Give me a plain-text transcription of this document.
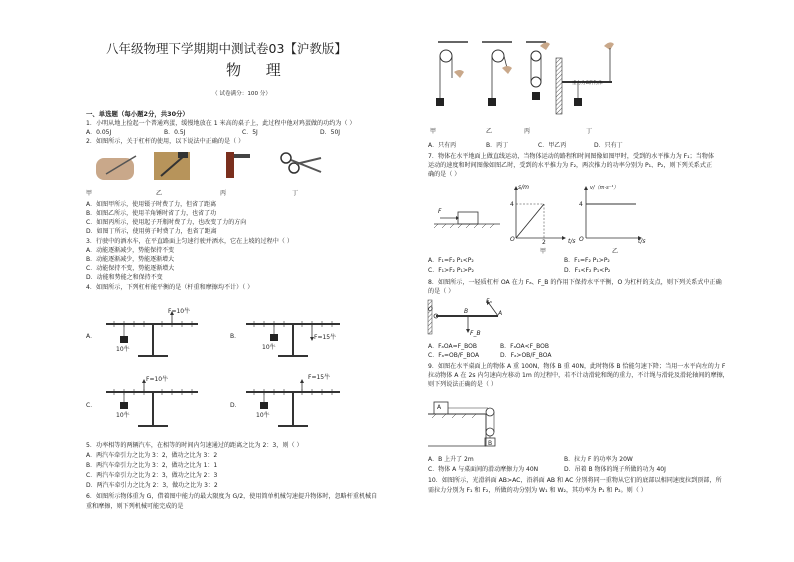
八年级物理下学期期中测试卷03【沪教版】
物 理
（ 试卷满分：100 分）
一、单选题（每小题2分，共30分）
1．小明从地上捡起一个普通鸡蛋，缓慢地放在 1 米高的桌子上，此过程中他对鸡蛋做的功约为（ ）
A．0.05J	B．0.5J	C．5J	D．50J
2．如图所示，关于杠杆的使用，以下说法中正确的是（ ）
甲	乙	丙	丁
A．如图甲所示，使用镊子时费了力，但省了距离
B．如图乙所示，使用羊角锤时省了力，也省了功
C．如图丙所示，使用起子开瓶时费了力，也改变了力的方向
D．如图丁所示，使用剪子时费了力，也省了距离
3．行驶中的酒水车，在平直路面上匀速行驶并洒水，它在上坡的过程中（ ）
A．动能逐渐减少，势能保持不变
B．动能逐渐减少，势能逐渐增大
C．动能保持不变，势能逐渐增大
D．动能和势能之和保持不变
4．如图所示，下列杠杆能平衡的是（杆重和摩擦均不计）（ ）
A．
F=10牛
10牛
B．	F=15牛
10牛
C．
F=10牛
10牛
D．
F=15牛
10牛
5．功率相等的两辆汽车，在相等的时间内匀速通过的距离之比为 2：3，则（ ）
A．两汽车牵引力之比为 3：2，做功之比为 3：2
B．两汽车牵引力之比为 3：2，做功之比为 1：1
C．两汽车牵引力之比为 2：3，做功之比为 2：3
D．两汽车牵引力之比为 2：3，做功之比为 3：2
6．如图所示物体重为 G，借着图中能力的最大限度为 G/2，使用简单机械匀速提升物体时，忽略杆重机械自
重和摩擦，则下列机械可能完成的是
重力为G的物体
甲	乙	丙	丁
A．只有丙	B．丙丁	C．甲乙丙	D．只有丁
7．物体在水平地面上做直线运动，当物体运动的路程和时间图像如图甲时，受到的水平推力为 F₁；当物体
运动的速度和时间图像如图乙时，受到的水平推力为 F₂，两次推力的功率分别为 P₁、P₂，则下列关系式正
确的是（ ）
F
s/m
t/s
4
2
O
甲
v/（m·s⁻¹）
t/s
4
O
乙
A．F₁=F₂ P₁<P₂	B．F₁=F₂ P₁>P₂
C．F₁>F₂ P₁>P₂	D．F₁<F₂ P₁<P₂
8．如图所示，一轻质杠杆 OA 在力 Fₐ、F_B 的作用下保持水平平衡，O 为杠杆的支点，则下列关系式中正确
的是（ ）
O	B	A
Fₐ
F_B
A．FₐOA=F_BOB	B．FₐOA<F_BOB
C．Fₐ=OB/F_BOA	D．Fₐ>OB/F_BOA
9．如图在水平桌面上的物体 A 重 100N，物体 B 重 40N，此时物体 B 恰能匀速下降；当用一水平向左的力 F
拉动物体 A 在 2s 内匀速向左移动 1m 的过程中，若不计动滑轮和绳的重力，不计绳与滑轮及滑轮轴间的摩擦，
则下列说法正确的是（ ）
A
B
A．B 上升了 2m	B．拉力 F 的功率为 20W
C．物体 A 与桌面间的滑动摩擦力为 40N	D．吊着 B 物体的绳子所做的功为 40J
10．如图所示，光滑斜面 AB>AC，沿斜面 AB 和 AC 分别将同一重物从它们的底部以相同速度拉到顶部，所
需拉力分别为 F₁ 和 F₂，所做的功分别为 W₁ 和 W₂，其功率为 P₁ 和 P₂。则（ ）
